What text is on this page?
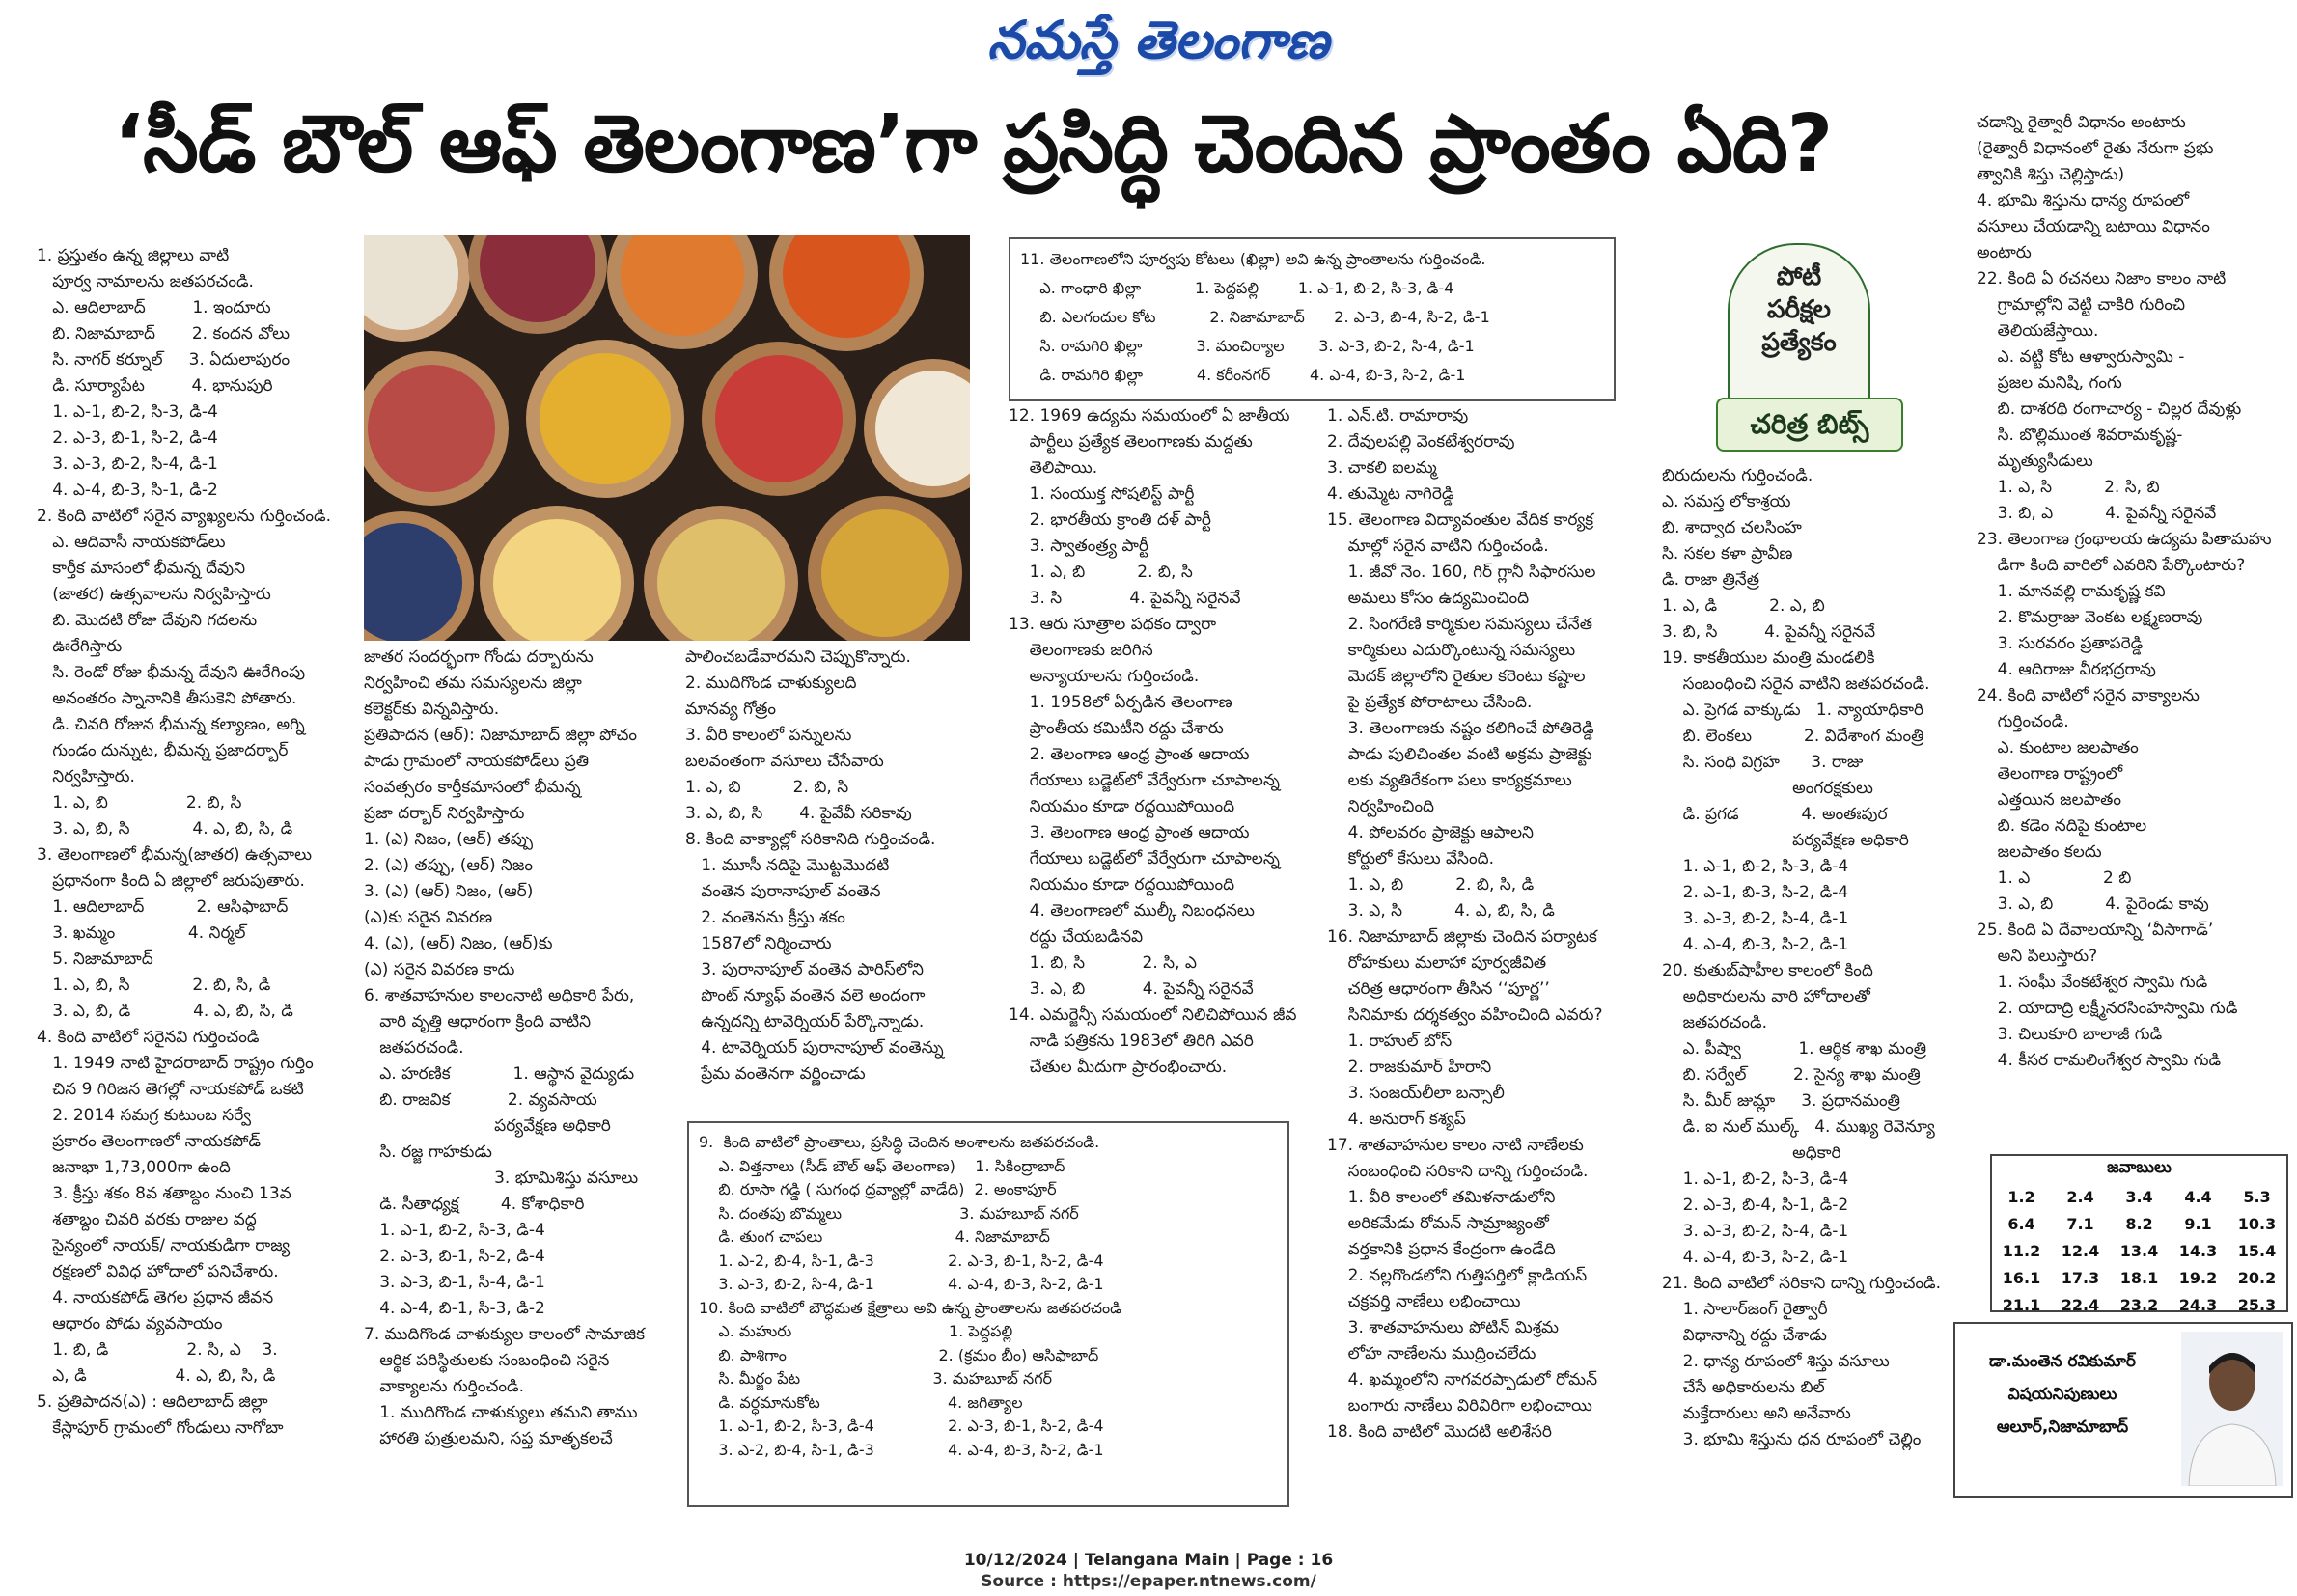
నమస్తే తెలంగాణ
‘సీడ్ బౌల్ ఆఫ్ తెలంగాణ’గా ప్రసిద్ధి చెందిన ప్రాంతం ఏది?
1. ప్రస్తుతం ఉన్న జిల్లాలు వాటి
పూర్వ నామాలను జతపరచండి.
ఎ. ఆదిలాబాద్         1. ఇందూరు
బి. నిజామాబాద్       2. కందన వోలు
సి. నాగర్ కర్నూల్     3. ఏదులాపురం
డి. సూర్యాపేట         4. భానుపురి
1. ఎ-1, బి-2, సి-3, డి-4
2. ఎ-3, బి-1, సి-2, డి-4
3. ఎ-3, బి-2, సి-4, డి-1
4. ఎ-4, బి-3, సి-1, డి-2
2. కింది వాటిలో సరైన వ్యాఖ్యలను గుర్తించండి.
ఎ. ఆదివాసీ నాయకపోడ్‌లు
కార్తీక మాసంలో భీమన్న దేవుని
(జాతర) ఉత్సవాలను నిర్వహిస్తారు
బి. మొదటి రోజు దేవుని గదలను
ఊరేగిస్తారు
సి. రెండో రోజు భీమన్న దేవుని ఊరేగింపు
అనంతరం స్నానానికి తీసుకెని పోతారు.
డి. చివరి రోజున భీమన్న కల్యాణం, అగ్ని
గుండం దున్నుట, భీమన్న ప్రజాదర్బార్
నిర్వహిస్తారు.
1. ఎ, బి               2. బి, సి
3. ఎ, బి, సి            4. ఎ, బి, సి, డి
3. తెలంగాణలో భీమన్న(జాతర) ఉత్సవాలు
ప్రధానంగా కింది ఏ జిల్లాలో జరుపుతారు.
1. ఆదిలాబాద్          2. ఆసిఫాబాద్
3. ఖమ్మం              4. నిర్మల్
5. నిజామాబాద్
1. ఎ, బి, సి            2. బి, సి, డి
3. ఎ, బి, డి            4. ఎ, బి, సి, డి
4. కింది వాటిలో సరైనవి గుర్తించండి
1. 1949 నాటి హైదరాబాద్ రాష్ట్రం గుర్తిం
చిన 9 గిరిజన తెగల్లో నాయకపోడ్ ఒకటి
2. 2014 సమగ్ర కుటుంబ సర్వే
ప్రకారం తెలంగాణలో నాయకపోడ్
జనాభా 1,73,000గా ఉంది
3. క్రీస్తు శకం 8వ శతాబ్దం నుంచి 13వ
శతాబ్దం చివరి వరకు రాజుల వద్ద
సైన్యంలో నాయక్/ నాయకుడిగా రాజ్య
రక్షణలో వివిధ హోదాలో పనిచేశారు.
4. నాయకపోడ్ తెగల ప్రధాన జీవన
ఆధారం పోడు వ్యవసాయం
1. బి, డి               2. సి, ఎ    3.
ఎ, డి                 4. ఎ, బి, సి, డి
5. ప్రతిపాదన(ఎ) : ఆదిలాబాద్ జిల్లా
కేస్లాపూర్ గ్రామంలో గోండులు నాగోబా
జాతర సందర్భంగా గోండు దర్బారును
నిర్వహించి తమ సమస్యలను జిల్లా
కలెక్టర్‌కు విన్నవిస్తారు.
ప్రతిపాదన (ఆర్): నిజామాబాద్ జిల్లా పోచం
పాడు గ్రామంలో నాయకపోడ్‌లు ప్రతి
సంవత్సరం కార్తీకమాసంలో భీమన్న
ప్రజా దర్బార్ నిర్వహిస్తారు
1. (ఎ) నిజం, (ఆర్) తప్పు
2. (ఎ) తప్పు, (ఆర్) నిజం
3. (ఎ) (ఆర్) నిజం, (ఆర్)
(ఎ)కు సరైన వివరణ
4. (ఎ), (ఆర్) నిజం, (ఆర్)కు
(ఎ) సరైన వివరణ కాదు
6. శాతవాహనుల కాలంనాటి అధికారి పేరు,
వారి వృత్తి ఆధారంగా క్రింది వాటిని
జతపరచండి.
ఎ. హరణిక            1. ఆస్థాన వైద్యుడు
బి. రాజవిక           2. వ్యవసాయ
పర్యవేక్షణ అధికారి
సి. రజ్జ గాహకుడు
3. భూమిశిస్తు వసూలు
డి. సీతాధ్యక్ష        4. కోశాధికారి
1. ఎ-1, బి-2, సి-3, డి-4
2. ఎ-3, బి-1, సి-2, డి-4
3. ఎ-3, బి-1, సి-4, డి-1
4. ఎ-4, బి-1, సి-3, డి-2
7. ముదిగొండ చాళుక్యుల కాలంలో సామాజిక
ఆర్థిక పరిస్థితులకు సంబంధించి సరైన
వాక్యాలను గుర్తించండి.
1. ముదిగొండ చాళుక్యులు తమని తాము
హారతి పుత్రులమని, సప్త మాతృకలచే
పాలించబడేవారమని చెప్పుకొన్నారు.
2. ముదిగొండ చాళుక్యులది
మానవ్య గోత్రం
3. వీరి కాలంలో పన్నులను
బలవంతంగా వసూలు చేసేవారు
1. ఎ, బి          2. బి, సి
3. ఎ, బి, సి       4. పైవేవీ సరికావు
8. కింది వాక్యాల్లో సరికానిది గుర్తించండి.
1. మూసీ నదిపై మొట్టమొదటి
వంతెన పురానాపూల్ వంతెన
2. వంతెనను క్రీస్తు శకం
1587లో నిర్మించారు
3. పురానాపూల్ వంతెన పారిస్‌లోని
పొంట్ న్యూఫ్ వంతెన వలె అందంగా
ఉన్నదన్ని టావెర్నియర్ పేర్కొన్నాడు.
4. టావెర్నియర్ పురానాపూల్ వంతెన్ను
ప్రేమ వంతెనగా వర్ణించాడు
11. తెలంగాణలోని పూర్వపు కోటలు (ఖిల్లా) అవి ఉన్న ప్రాంతాలను గుర్తించండి.
ఎ. గాంధారి ఖిల్లా           1. పెద్దపల్లి        1. ఎ-1, బి-2, సి-3, డి-4
బి. ఎలగందుల కోట           2. నిజామాబాద్      2. ఎ-3, బి-4, సి-2, డి-1
సి. రామగిరి ఖిల్లా           3. మంచిర్యాల       3. ఎ-3, బి-2, సి-4, డి-1
డి. రామగిరి ఖిల్లా           4. కరీంనగర్        4. ఎ-4, బి-3, సి-2, డి-1
12. 1969 ఉద్యమ సమయంలో ఏ జాతీయ
పార్టీలు ప్రత్యేక తెలంగాణకు మద్దతు
తెలిపాయి.
1. సంయుక్త సోషలిస్ట్ పార్టీ
2. భారతీయ క్రాంతి దళ్ పార్టీ
3. స్వాతంత్ర్య పార్టీ
1. ఎ, బి          2. బి, సి
3. సి             4. పైవన్నీ సరైనవే
13. ఆరు సూత్రాల పథకం ద్వారా
తెలంగాణకు జరిగిన
అన్యాయాలను గుర్తించండి.
1. 1958లో ఏర్పడిన తెలంగాణ
ప్రాంతీయ కమిటీని రద్దు చేశారు
2. తెలంగాణ ఆంధ్ర ప్రాంత ఆదాయ
గేయాలు బడ్జెట్‌లో వేర్వేరుగా చూపాలన్న
నియమం కూడా రద్దయిపోయింది
3. తెలంగాణ ఆంధ్ర ప్రాంత ఆదాయ
గేయాలు బడ్జెట్‌లో వేర్వేరుగా చూపాలన్న
నియమం కూడా రద్దయిపోయింది
4. తెలంగాణలో ముల్కీ నిబంధనలు
రద్దు చేయబడినవి
1. బి, సి           2. సి, ఎ
3. ఎ, బి           4. పైవన్నీ సరైనవే
14. ఎమర్జెన్సీ సమయంలో నిలిచిపోయిన జీవ
నాడి పత్రికను 1983లో తిరిగి ఎవరి
చేతుల మీదుగా ప్రారంభించారు.
9.  కింది వాటిలో ప్రాంతాలు, ప్రసిద్ధి చెందిన అంశాలను జతపరచండి.
ఎ. విత్తనాలు (సీడ్ బౌల్ ఆఫ్ తెలంగాణ)    1. సికింద్రాబాద్
బి. రూసా గడ్డి ( సుగంధ ద్రవ్యాల్లో వాడేది)  2. అంకాపూర్
సి. దంతపు బొమ్మలు                        3. మహబూబ్ నగర్
డి. తుంగ చాపలు                           4. నిజామాబాద్
1. ఎ-2, బి-4, సి-1, డి-3               2. ఎ-3, బి-1, సి-2, డి-4
3. ఎ-3, బి-2, సి-4, డి-1               4. ఎ-4, బి-3, సి-2, డి-1
10. కింది వాటిలో బౌద్ధమత క్షేత్రాలు అవి ఉన్న ప్రాంతాలను జతపరచండి
ఎ. మహురు                                1. పెద్దపల్లి
బి. పాశిగాం                               2. (క్రమం బీం) ఆసిఫాబాద్
సి. మీర్జం పేట                           3. మహబూబ్ నగర్
డి. వర్ధమానుకోట                          4. జగిత్యాల
1. ఎ-1, బి-2, సి-3, డి-4               2. ఎ-3, బి-1, సి-2, డి-4
3. ఎ-2, బి-4, సి-1, డి-3               4. ఎ-4, బి-3, సి-2, డి-1
1. ఎన్.టి. రామారావు
2. దేవులపల్లి వెంకటేశ్వరరావు
3. చాకలి ఐలమ్మ
4. తుమ్మెట నాగిరెడ్డి
15. తెలంగాణ విద్యావంతుల వేదిక కార్యక్ర
మాల్లో సరైన వాటిని గుర్తించండి.
1. జీవో నెం. 160, గిర్ గ్లానీ సిఫారసుల
అమలు కోసం ఉద్యమించింది
2. సింగరేణి కార్మికుల సమస్యలు చేనేత
కార్మికులు ఎదుర్కొంటున్న సమస్యలు
మెదక్ జిల్లాలోని రైతుల కరెంటు కష్టాల
పై ప్రత్యేక పోరాటాలు చేసింది.
3. తెలంగాణకు నష్టం కలిగించే పోతిరెడ్డి
పాడు పులిచింతల వంటి అక్రమ ప్రాజెక్టు
లకు వ్యతిరేకంగా పలు కార్యక్రమాలు
నిర్వహించింది
4. పోలవరం ప్రాజెక్టు ఆపాలని
కోర్టులో కేసులు వేసింది.
1. ఎ, బి          2. బి, సి, డి
3. ఎ, సి          4. ఎ, బి, సి, డి
16. నిజామాబాద్ జిల్లాకు చెందిన పర్యాటక
రోహకులు మలాహా పూర్వజీవిత
చరిత్ర ఆధారంగా తీసిన ‘‘పూర్ణ’’
సినిమాకు దర్శకత్వం వహించింది ఎవరు?
1. రాహుల్ బోస్
2. రాజకుమార్ హిరాని
3. సంజయ్‌లీలా బన్సాలీ
4. అనురాగ్ కశ్యప్
17. శాతవాహనుల కాలం నాటి నాణేలకు
సంబంధించి సరికాని దాన్ని గుర్తించండి.
1. వీరి కాలంలో తమిళనాడులోని
అరికమేడు రోమన్ సామ్రాజ్యంతో
వర్తకానికి ప్రధాన కేంద్రంగా ఉండేది
2. నల్లగొండలోని గుత్తిపర్తిలో క్లాడియస్
చక్రవర్తి నాణేలు లభించాయి
3. శాతవాహనులు పోటిన్ మిశ్రమ
లోహ నాణేలను ముద్రించలేదు
4. ఖమ్మంలోని నాగవరప్పాడులో రోమన్
బంగారు నాణేలు విరివిరిగా లభించాయి
18. కింది వాటిలో మొదటి అలిశేసరి
పోటీ
పరీక్షల
ప్రత్యేకం
చరిత్ర బిట్స్
బిరుదులను గుర్తించండి.
ఎ. సమస్త లోకాశ్రయ
బి. శాద్వాద చలసింహ
సి. సకల కళా ప్రావీణ
డి. రాజా త్రినేత్ర
1. ఎ, డి          2. ఎ, బి
3. బి, సి         4. పైవన్నీ సరైనవే
19. కాకతీయుల మంత్రి మండలికి
సంబంధించి సరైన వాటిని జతపరచండి.
ఎ. ప్రెగడ వాక్కుడు   1. న్యాయాధికారి
బి. లెంకలు          2. విదేశాంగ మంత్రి
సి. సంధి విగ్రహ      3. రాజు
అంగరక్షకులు
డి. ప్రగడ            4. అంతఃపుర
పర్యవేక్షణ అధికారి
1. ఎ-1, బి-2, సి-3, డి-4
2. ఎ-1, బి-3, సి-2, డి-4
3. ఎ-3, బి-2, సి-4, డి-1
4. ఎ-4, బి-3, సి-2, డి-1
20. కుతుబ్‌షాహీల కాలంలో కింది
అధికారులను వారి హోదాలతో
జతపరచండి.
ఎ. పీష్వా           1. ఆర్థిక శాఖ మంత్రి
బి. సర్వేల్         2. సైన్య శాఖ మంత్రి
సి. మీర్ జుమ్లా     3. ప్రధానమంత్రి
డి. ఐ నుల్ ముల్క్   4. ముఖ్య రెవెన్యూ
అధికారి
1. ఎ-1, బి-2, సి-3, డి-4
2. ఎ-3, బి-4, సి-1, డి-2
3. ఎ-3, బి-2, సి-4, డి-1
4. ఎ-4, బి-3, సి-2, డి-1
21. కింది వాటిలో సరికాని దాన్ని గుర్తించండి.
1. సాలార్‌జంగ్ రైత్వారీ
విధానాన్ని రద్దు చేశాడు
2. ధాన్య రూపంలో శిస్తు వసూలు
చేసే అధికారులను బిల్
మక్తేదారులు అని అనేవారు
3. భూమి శిస్తును ధన రూపంలో చెల్లిం
చడాన్ని రైత్వారీ విధానం అంటారు
(రైత్వారీ విధానంలో రైతు నేరుగా ప్రభు
త్వానికి శిస్తు చెల్లిస్తాడు)
4. భూమి శిస్తును ధాన్య రూపంలో
వసూలు చేయడాన్ని బటాయి విధానం
అంటారు
22. కింది ఏ రచనలు నిజాం కాలం నాటి
గ్రామాల్లోని వెట్టి చాకిరి గురించి
తెలియజేస్తాయి.
ఎ. వట్టి కోట ఆళ్వారుస్వామి -
ప్రజల మనిషి, గంగు
బి. దాశరథి రంగాచార్య - చిల్లర దేవుళ్లు
సి. బొల్లిముంత శివరామకృష్ణ-
మృత్యుసీడులు
1. ఎ, సి          2. సి, బి
3. బి, ఎ          4. పైవన్నీ సరైనవే
23. తెలంగాణ గ్రంథాలయ ఉద్యమ పితామహు
డిగా కింది వారిలో ఎవరిని పేర్కొంటారు?
1. మానవల్లి రామకృష్ణ కవి
2. కొమర్రాజు వెంకట లక్ష్మణరావు
3. సురవరం ప్రతాపరెడ్డి
4. ఆదిరాజు వీరభద్రరావు
24. కింది వాటిలో సరైన వాక్యాలను
గుర్తించండి.
ఎ. కుంటాల జలపాతం
తెలంగాణ రాష్ట్రంలో
ఎత్తయిన జలపాతం
బి. కడెం నదిపై కుంటాల
జలపాతం కలదు
1. ఎ              2 బి
3. ఎ, బి          4. పైరెండు కావు
25. కింది ఏ దేవాలయాన్ని ‘వీసాగాడ్’
అని పిలుస్తారు?
1. సంఘీ వేంకటేశ్వర స్వామి గుడి
2. యాదాద్రి లక్ష్మీనరసింహస్వామి గుడి
3. చిలుకూరి బాలాజీ గుడి
4. కీసర రామలింగేశ్వర స్వామి గుడి
జవాబులు				
1.2	2.4	3.4	4.4	5.3
6.4	7.1	8.2	9.1	10.3
11.2	12.4	13.4	14.3	15.4
16.1	17.3	18.1	19.2	20.2
21.1	22.4	23.2	24.3	25.3
డా.మంతెన రవికుమార్
విషయనిపుణులు
ఆలూర్,నిజామాబాద్
10/12/2024 | Telangana Main | Page : 16
Source : https://epaper.ntnews.com/
